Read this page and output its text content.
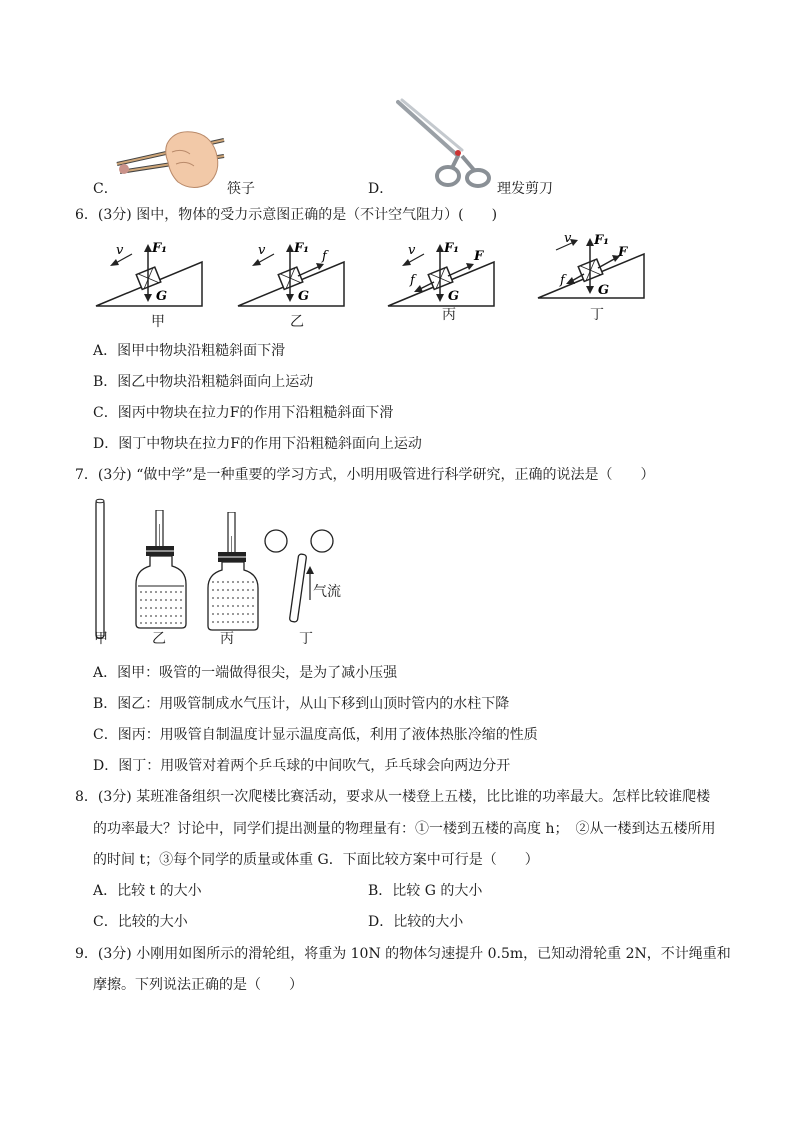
C．	筷子	D．	理发剪刀
6．(3分) 图中，物体的受力示意图正确的是（不计空气阻力）(　　)
v F₁
G
甲
v F₁
f
G
乙
v F₁
F
f
G
丙
v F₁
F
f
G
丁
A．图甲中物块沿粗糙斜面下滑
B．图乙中物块沿粗糙斜面向上运动
C．图丙中物块在拉力F的作用下沿粗糙斜面下滑
D．图丁中物块在拉力F的作用下沿粗糙斜面向上运动
7．(3分) “做中学”是一种重要的学习方式，小明用吸管进行科学研究，正确的说法是（　　）
甲	乙	丙
气流
丁
A．图甲：吸管的一端做得很尖，是为了减小压强
B．图乙：用吸管制成水气压计，从山下移到山顶时管内的水柱下降
C．图丙：用吸管自制温度计显示温度高低，利用了液体热胀冷缩的性质
D．图丁：用吸管对着两个乒乓球的中间吹气，乒乓球会向两边分开
8．(3分) 某班准备组织一次爬楼比赛活动，要求从一楼登上五楼，比比谁的功率最大。怎样比较谁爬楼
的功率最大？讨论中，同学们提出测量的物理量有：①一楼到五楼的高度 h；　②从一楼到达五楼所用
的时间 t；③每个同学的质量或体重 G．下面比较方案中可行是（　　）
A．比较 t 的大小	B．比较 G 的大小
C．比较的大小	D．比较的大小
9．(3分) 小刚用如图所示的滑轮组，将重为 10N 的物体匀速提升 0.5m，已知动滑轮重 2N，不计绳重和
摩擦。下列说法正确的是（　　）
